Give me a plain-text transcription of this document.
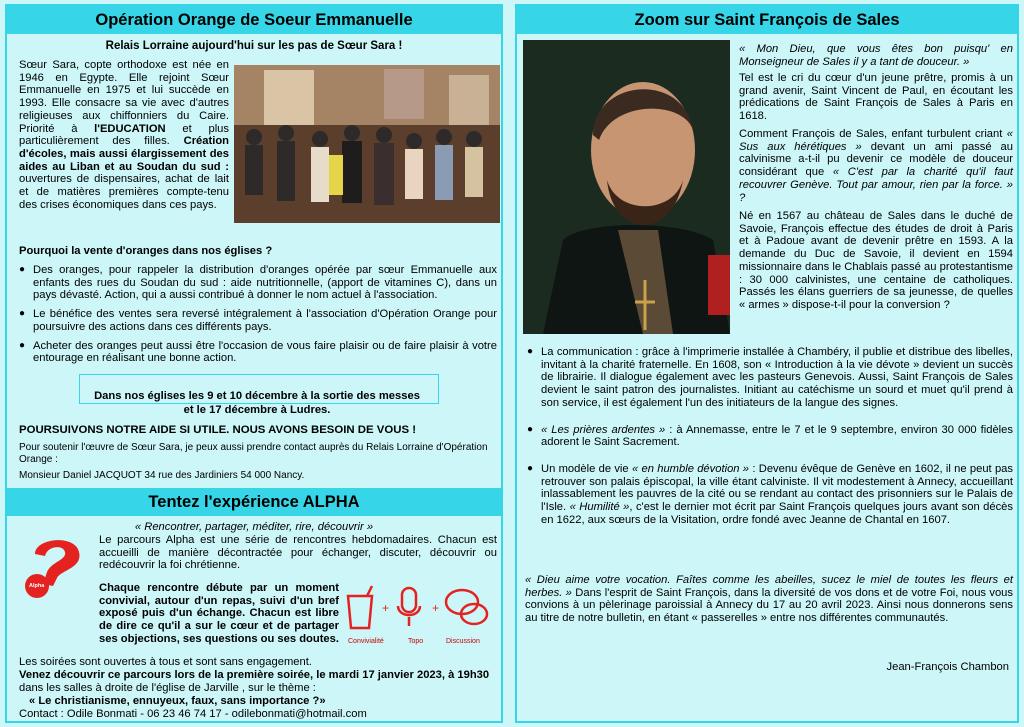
Opération Orange de Soeur Emmanuelle
Relais Lorraine aujourd'hui sur les pas de Sœur Sara !
Sœur Sara, copte orthodoxe est née en 1946 en Egypte. Elle rejoint Sœur Emmanuelle en 1975 et lui succède en 1993. Elle consacre sa vie avec d'autres religieuses aux chiffonniers du Caire. Priorité à l'EDUCATION et plus particulièrement des filles. Création d'écoles, mais aussi élargissement des aides au Liban et au Soudan du sud : ouvertures de dispensaires, achat de lait et de matières premières compte-tenu des crises économiques dans ces pays.
Pourquoi la vente d'oranges dans nos églises ?
● Des oranges, pour rappeler la distribution d'oranges opérée par sœur Emmanuelle aux enfants des rues du Soudan du sud : aide nutritionnelle, (apport de vitamines C), dans un pays dévasté. Action, qui a aussi contribué à donner le nom actuel à l'association.
● Le bénéfice des ventes sera reversé intégralement à l'association d'Opération Orange pour poursuivre des actions dans ces différents pays.
● Acheter des oranges peut aussi être l'occasion de vous faire plaisir ou de faire plaisir à votre entourage en réalisant une bonne action.
Dans nos églises les 9 et 10 décembre à la sortie des messes
et le 17 décembre à Ludres.
POURSUIVONS NOTRE AIDE SI UTILE. NOUS AVONS BESOIN DE VOUS !
Pour soutenir l'œuvre de Sœur Sara, je peux aussi prendre contact auprès du Relais Lorraine d'Opération Orange :
Monsieur Daniel JACQUOT 34 rue des Jardiniers 54 000 Nancy.
Tentez l'expérience ALPHA
« Rencontrer, partager, méditer, rire, découvrir »
Alpha
Le parcours Alpha est une série de rencontres hebdomadaires. Chacun est accueilli de manière décontractée pour échanger, discuter, découvrir ou redécouvrir la foi chrétienne.
Chaque rencontre débute par un moment convivial, autour d'un repas, suivi d'un bref exposé puis d'un échange. Chacun est libre de dire ce qu'il a sur le cœur et de partager ses objections, ses questions ou ses doutes.
+	+
Convivialité	Topo	Discussion
Les soirées sont ouvertes à tous et sont sans engagement.
Venez découvrir ce parcours lors de la première soirée, le mardi 17 janvier 2023, à 19h30 dans les salles à droite de l'église de Jarville , sur le thème :
« Le christianisme, ennuyeux, faux, sans importance ?»
Contact : Odile Bonmati - 06 23 46 74 17 - odilebonmati@hotmail.com
Zoom sur Saint François de Sales
« Mon Dieu, que vous êtes bon puisqu' en Monseigneur de Sales il y a tant de douceur. »
Tel est le cri du cœur d'un jeune prêtre, promis à un grand avenir, Saint Vincent de Paul, en écoutant les prédications de Saint François de Sales à Paris en 1618.
Comment François de Sales, enfant turbulent criant « Sus aux hérétiques » devant un ami passé au calvinisme a-t-il pu devenir ce modèle de douceur considérant que « C'est par la charité qu'il faut recouvrer Genève. Tout par amour, rien par la force. » ?
Né en 1567 au château de Sales dans le duché de Savoie, François effectue des études de droit à Paris et à Padoue avant de devenir prêtre en 1593. A la demande du Duc de Savoie, il devient en 1594 missionnaire dans le Chablais passé au protestantisme : 30 000 calvinistes, une centaine de catholiques. Passés les élans guerriers de sa jeunesse, de quelles « armes » dispose-t-il pour la conversion ?
● La communication : grâce à l'imprimerie installée à Chambéry, il publie et distribue des libelles, invitant à la charité fraternelle. En 1608, son « Introduction à la vie dévote » devient un succès de librairie. Il dialogue également avec les pasteurs Genevois. Aussi, Saint François de Sales devient le saint patron des journalistes. Initiant au catéchisme un sourd et muet qu'il prend à son service, il est également l'un des initiateurs de la langue des signes.
● « Les prières ardentes » : à Annemasse, entre le 7 et le 9 septembre, environ 30 000 fidèles adorent le Saint Sacrement.
● Un modèle de vie « en humble dévotion » : Devenu évêque de Genève en 1602, il ne peut pas retrouver son palais épiscopal, la ville étant calviniste. Il vit modestement à Annecy, accueillant inlassablement les pauvres de la cité ou se rendant au contact des prisonniers sur le Palais de l'Isle. « Humilité », c'est le dernier mot écrit par Saint François quelques jours avant son décès en 1622, aux sœurs de la Visitation, ordre fondé avec Jeanne de Chantal en 1607.
« Dieu aime votre vocation. Faîtes comme les abeilles, sucez le miel de toutes les fleurs et herbes. » Dans l'esprit de Saint François, dans la diversité de vos dons et de votre Foi, nous vous convions à un pèlerinage paroissial à Annecy du 17 au 20 avril 2023. Ainsi nous donnerons sens au titre de notre bulletin, en étant « passerelles » entre nos différentes communautés.
Jean-François Chambon
